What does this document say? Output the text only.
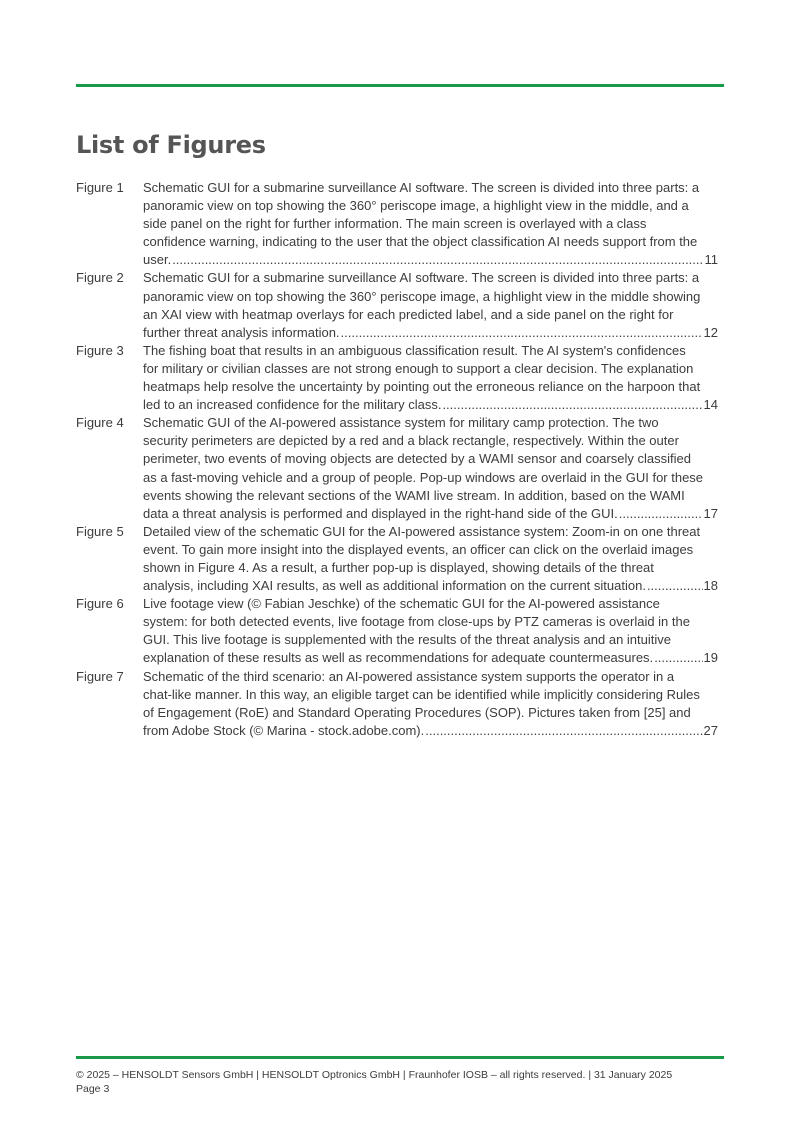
List of Figures
Figure 1	Schematic GUI for a submarine surveillance AI software. The screen is divided into three parts: a
panoramic view on top showing the 360° periscope image, a highlight view in the middle, and a
side panel on the right for further information. The main screen is overlayed with a class
confidence warning, indicating to the user that the object classification AI needs support from the
user. .....	11
Figure 2	Schematic GUI for a submarine surveillance AI software. The screen is divided into three parts: a
panoramic view on top showing the 360° periscope image, a highlight view in the middle showing
an XAI view with heatmap overlays for each predicted label, and a side panel on the right for
further threat analysis information. .....	12
Figure 3	The fishing boat that results in an ambiguous classification result. The AI system's confidences
for military or civilian classes are not strong enough to support a clear decision. The explanation
heatmaps help resolve the uncertainty by pointing out the erroneous reliance on the harpoon that
led to an increased confidence for the military class. .....	14
Figure 4	Schematic GUI of the AI-powered assistance system for military camp protection. The two
security perimeters are depicted by a red and a black rectangle, respectively. Within the outer
perimeter, two events of moving objects are detected by a WAMI sensor and coarsely classified
as a fast-moving vehicle and a group of people. Pop-up windows are overlaid in the GUI for these
events showing the relevant sections of the WAMI live stream. In addition, based on the WAMI
data a threat analysis is performed and displayed in the right-hand side of the GUI. .....	17
Figure 5	Detailed view of the schematic GUI for the AI-powered assistance system: Zoom-in on one threat
event. To gain more insight into the displayed events, an officer can click on the overlaid images
shown in Figure 4. As a result, a further pop-up is displayed, showing details of the threat
analysis, including XAI results, as well as additional information on the current situation. .....	18
Figure 6	Live footage view (© Fabian Jeschke) of the schematic GUI for the AI-powered assistance
system: for both detected events, live footage from close-ups by PTZ cameras is overlaid in the
GUI. This live footage is supplemented with the results of the threat analysis and an intuitive
explanation of these results as well as recommendations for adequate countermeasures. .....	19
Figure 7	Schematic of the third scenario: an AI-powered assistance system supports the operator in a
chat-like manner. In this way, an eligible target can be identified while implicitly considering Rules
of Engagement (RoE) and Standard Operating Procedures (SOP). Pictures taken from [25] and
from Adobe Stock (© Marina - stock.adobe.com). .....	27
© 2025 – HENSOLDT Sensors GmbH | HENSOLDT Optronics GmbH | Fraunhofer IOSB – all rights reserved. | 31 January 2025
Page 3
